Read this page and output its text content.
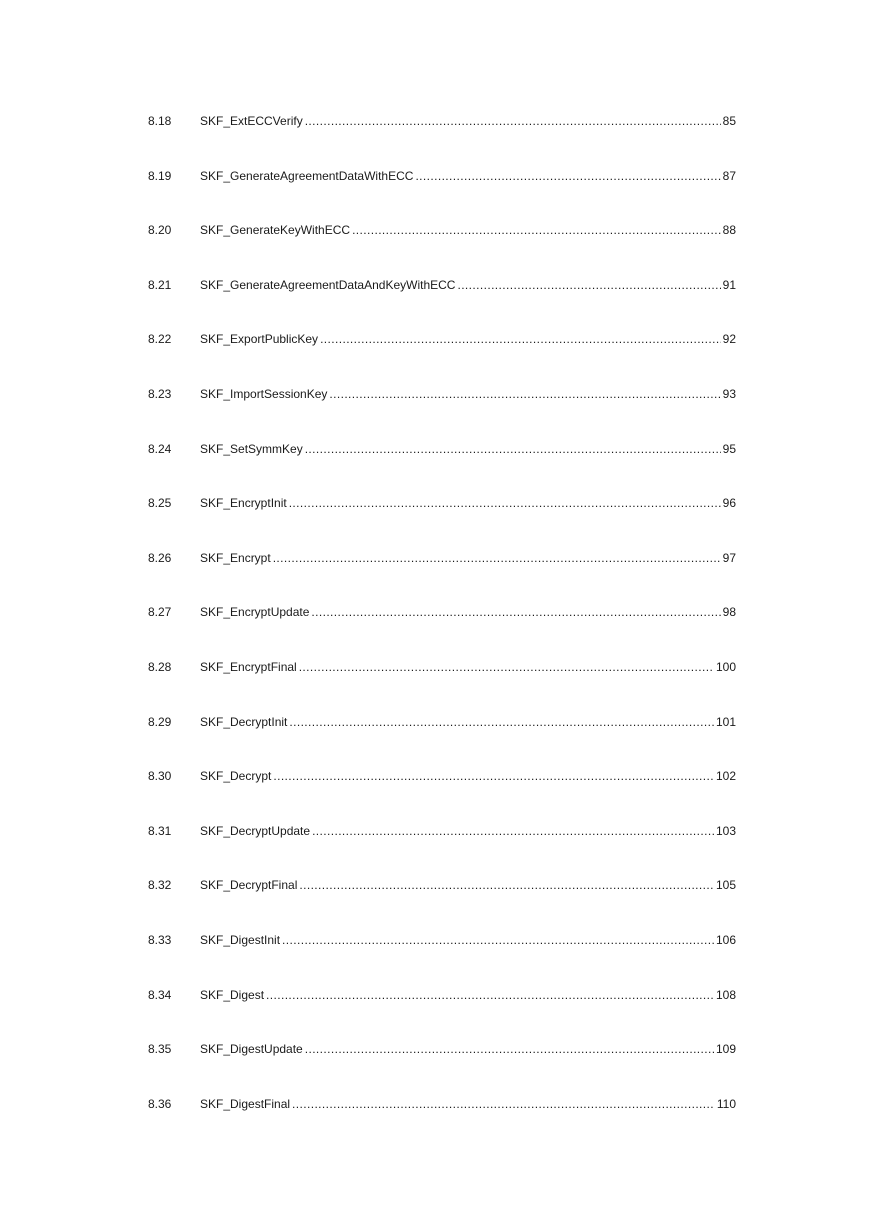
8.18	SKF_ExtECCVerify .....	85
8.19	SKF_GenerateAgreementDataWithECC .....	87
8.20	SKF_GenerateKeyWithECC .....	88
8.21	SKF_GenerateAgreementDataAndKeyWithECC .....	91
8.22	SKF_ExportPublicKey .....	92
8.23	SKF_ImportSessionKey .....	93
8.24	SKF_SetSymmKey .....	95
8.25	SKF_EncryptInit .....	96
8.26	SKF_Encrypt .....	97
8.27	SKF_EncryptUpdate .....	98
8.28	SKF_EncryptFinal .....	100
8.29	SKF_DecryptInit .....	101
8.30	SKF_Decrypt .....	102
8.31	SKF_DecryptUpdate .....	103
8.32	SKF_DecryptFinal .....	105
8.33	SKF_DigestInit .....	106
8.34	SKF_Digest .....	108
8.35	SKF_DigestUpdate .....	109
8.36	SKF_DigestFinal .....	110
